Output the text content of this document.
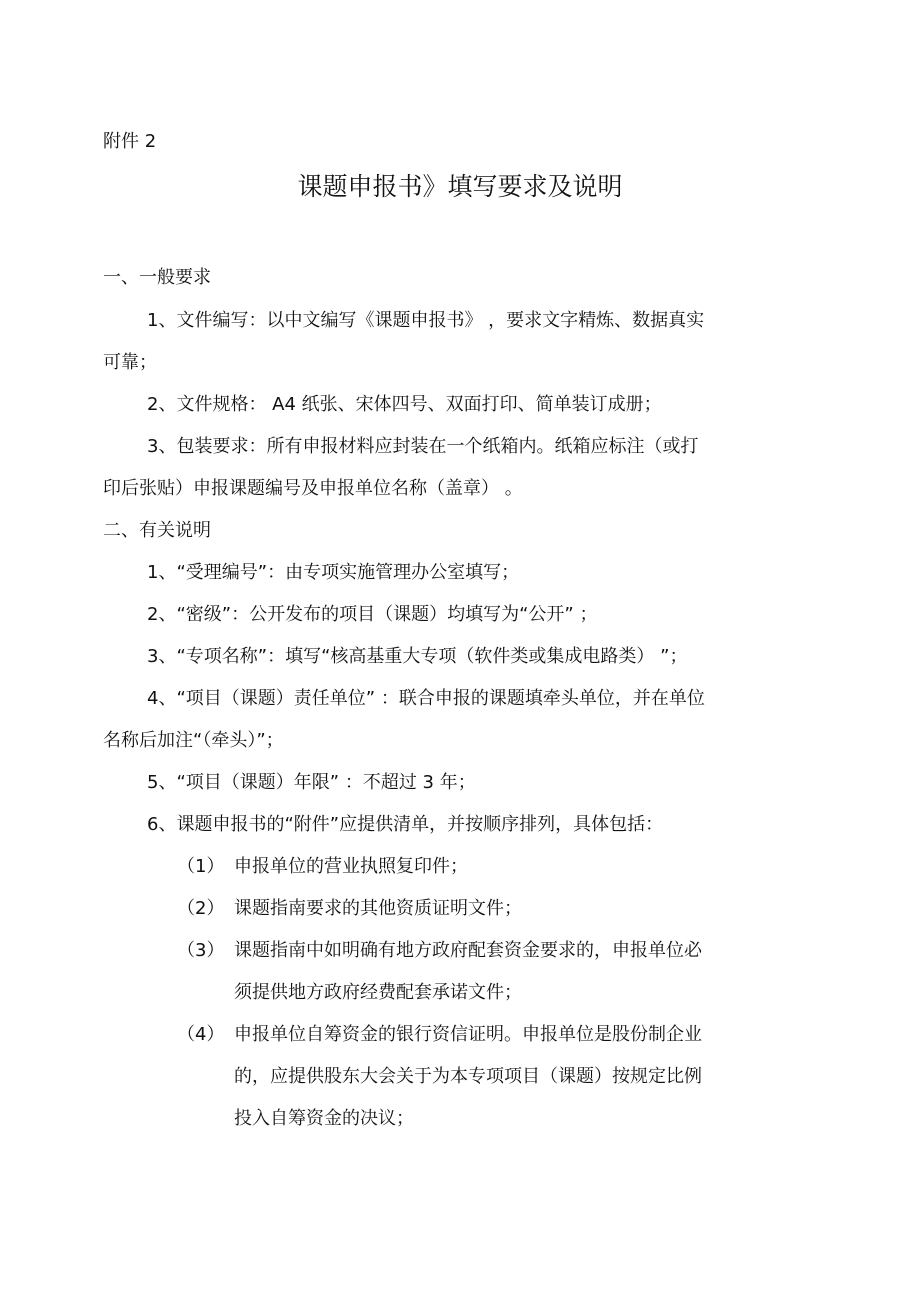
附件 2
课题申报书》填写要求及说明
一、一般要求
1、文件编写：以中文编写《课题申报书》 ，要求文字精炼、数据真实
可靠；
2、文件规格： A4 纸张、宋体四号、双面打印、简单装订成册；
3、包装要求：所有申报材料应封装在一个纸箱内。纸箱应标注（或打
印后张贴）申报课题编号及申报单位名称（盖章） 。
二、有关说明
1、“受理编号”：由专项实施管理办公室填写；
2、“密级”：公开发布的项目（课题）均填写为“公开” ；
3、“专项名称”：填写“核高基重大专项（软件类或集成电路类） ”；
4、“项目（课题）责任单位” ：联合申报的课题填牵头单位，并在单位
名称后加注“（牵头）”；
5、“项目（课题）年限” ：不超过 3 年；
6、课题申报书的“附件”应提供清单，并按顺序排列，具体包括：
（1） 申报单位的营业执照复印件；
（2） 课题指南要求的其他资质证明文件；
（3） 课题指南中如明确有地方政府配套资金要求的，申报单位必
须提供地方政府经费配套承诺文件；
（4） 申报单位自筹资金的银行资信证明。申报单位是股份制企业
的，应提供股东大会关于为本专项项目（课题）按规定比例
投入自筹资金的决议；
